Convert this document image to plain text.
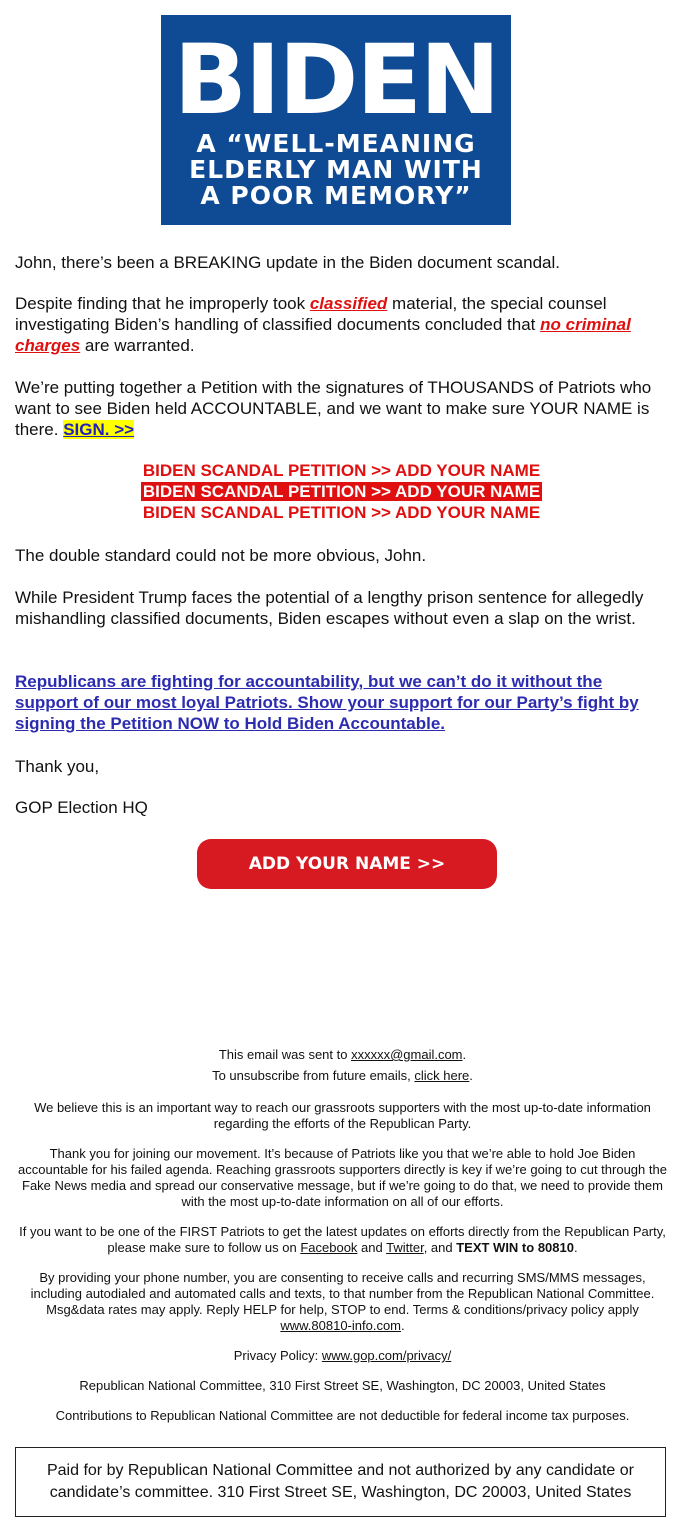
BIDEN
A “WELL-MEANING
ELDERLY MAN WITH
A POOR MEMORY”

John, there’s been a BREAKING update in the Biden document scandal.

Despite finding that he improperly took classified material, the special counsel investigating Biden’s handling of classified documents concluded that no criminal charges are warranted.

We’re putting together a Petition with the signatures of THOUSANDS of Patriots who want to see Biden held ACCOUNTABLE, and we want to make sure YOUR NAME is there. SIGN. >>

BIDEN SCANDAL PETITION >> ADD YOUR NAME
BIDEN SCANDAL PETITION >> ADD YOUR NAME
BIDEN SCANDAL PETITION >> ADD YOUR NAME

The double standard could not be more obvious, John.

While President Trump faces the potential of a lengthy prison sentence for allegedly mishandling classified documents, Biden escapes without even a slap on the wrist.

Republicans are fighting for accountability, but we can’t do it without the support of our most loyal Patriots. Show your support for our Party’s fight by signing the Petition NOW to Hold Biden Accountable.

Thank you,

GOP Election HQ

ADD YOUR NAME >>
This email was sent to xxxxxx@gmail.com.
To unsubscribe from future emails, click here.
We believe this is an important way to reach our grassroots supporters with the most up-to-date information regarding the efforts of the Republican Party.
Thank you for joining our movement. It’s because of Patriots like you that we’re able to hold Joe Biden accountable for his failed agenda. Reaching grassroots supporters directly is key if we’re going to cut through the Fake News media and spread our conservative message, but if we’re going to do that, we need to provide them with the most up-to-date information on all of our efforts.
If you want to be one of the FIRST Patriots to get the latest updates on efforts directly from the Republican Party, please make sure to follow us on Facebook and Twitter, and TEXT WIN to 80810.
By providing your phone number, you are consenting to receive calls and recurring SMS/MMS messages, including autodialed and automated calls and texts, to that number from the Republican National Committee. Msg&data rates may apply. Reply HELP for help, STOP to end. Terms & conditions/privacy policy apply www.80810-info.com.
Privacy Policy: www.gop.com/privacy/
Republican National Committee, 310 First Street SE, Washington, DC 20003, United States
Contributions to Republican National Committee are not deductible for federal income tax purposes.
Paid for by Republican National Committee and not authorized by any candidate or candidate’s committee. 310 First Street SE, Washington, DC 20003, United States
